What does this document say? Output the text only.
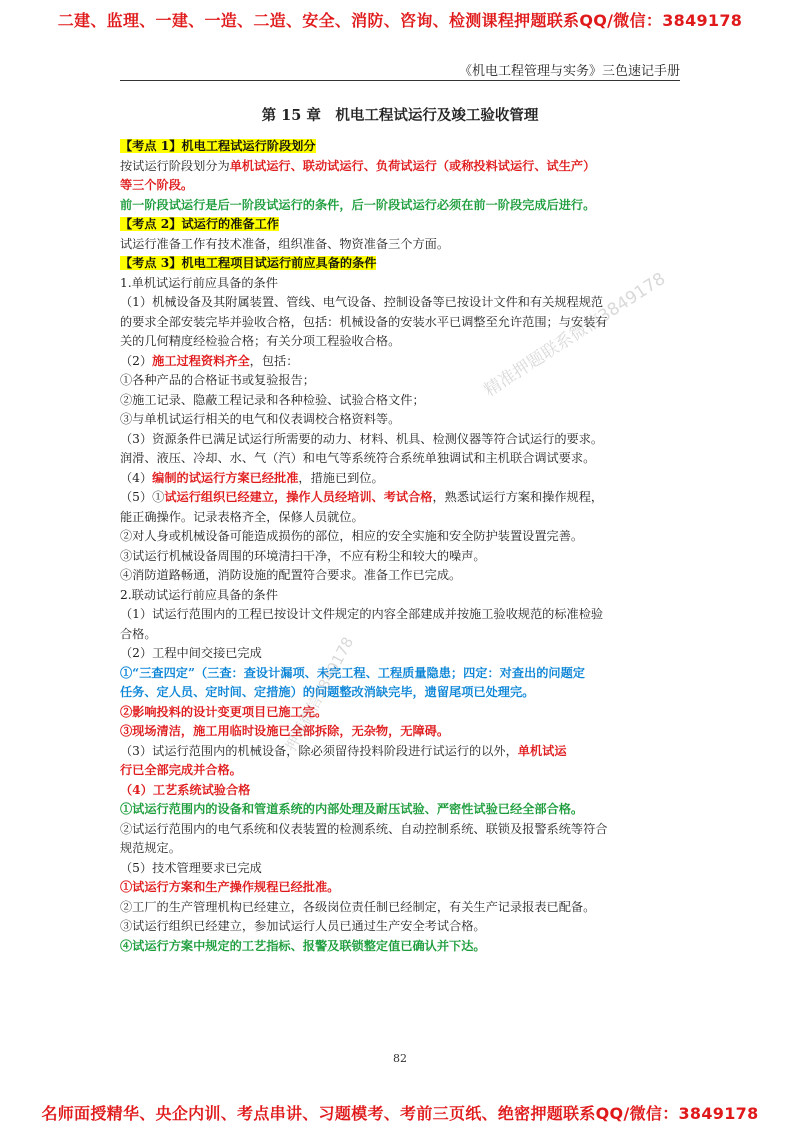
二建、监理、一建、一造、二造、安全、消防、咨询、检测课程押题联系QQ/微信：3849178
《机电工程管理与实务》三色速记手册
第 15 章　机电工程试运行及竣工验收管理
【考点 1】机电工程试运行阶段划分
按试运行阶段划分为单机试运行、联动试运行、负荷试运行（或称投料试运行、试生产）
等三个阶段。
前一阶段试运行是后一阶段试运行的条件，后一阶段试运行必须在前一阶段完成后进行。
【考点 2】试运行的准备工作
试运行准备工作有技术准备，组织准备、物资准备三个方面。
【考点 3】机电工程项目试运行前应具备的条件
1.单机试运行前应具备的条件
（1）机械设备及其附属装置、管线、电气设备、控制设备等已按设计文件和有关规程规范
的要求全部安装完毕并验收合格，包括：机械设备的安装水平已调整至允许范围；与安装有
关的几何精度经检验合格；有关分项工程验收合格。
（2）施工过程资料齐全，包括：
①各种产品的合格证书或复验报告；
②施工记录、隐蔽工程记录和各种检验、试验合格文件；
③与单机试运行相关的电气和仪表调校合格资料等。
（3）资源条件已满足试运行所需要的动力、材料、机具、检测仪器等符合试运行的要求。
润滑、液压、冷却、水、气（汽）和电气等系统符合系统单独调试和主机联合调试要求。
（4）编制的试运行方案已经批准，措施已到位。
（5）①试运行组织已经建立，操作人员经培训、考试合格，熟悉试运行方案和操作规程，
能正确操作。记录表格齐全，保修人员就位。
②对人身或机械设备可能造成损伤的部位，相应的安全实施和安全防护装置设置完善。
③试运行机械设备周围的环境清扫干净，不应有粉尘和较大的噪声。
④消防道路畅通，消防设施的配置符合要求。准备工作已完成。
2.联动试运行前应具备的条件
（1）试运行范围内的工程已按设计文件规定的内容全部建成并按施工验收规范的标准检验
合格。
（2）工程中间交接已完成
①“三查四定”（三查：查设计漏项、未完工程、工程质量隐患；四定：对查出的问题定
任务、定人员、定时间、定措施）的问题整改消缺完毕，遗留尾项已处理完。
②影响投料的设计变更项目已施工完。
③现场清洁，施工用临时设施已全部拆除，无杂物，无障碍。
（3）试运行范围内的机械设备，除必须留待投料阶段进行试运行的以外，单机试运
行已全部完成并合格。
（4）工艺系统试验合格
①试运行范围内的设备和管道系统的内部处理及耐压试验、严密性试验已经全部合格。
②试运行范围内的电气系统和仪表装置的检测系统、自动控制系统、联锁及报警系统等符合
规范规定。
（5）技术管理要求已完成
①试运行方案和生产操作规程已经批准。
②工厂的生产管理机构已经建立，各级岗位责任制已经制定，有关生产记录报表已配备。
③试运行组织已经建立，参加试运行人员已通过生产安全考试合格。
④试运行方案中规定的工艺指标、报警及联锁整定值已确认并下达。
精准押题联系微信3849178
押题微信3849178
82
名师面授精华、央企内训、考点串讲、习题模考、考前三页纸、绝密押题联系QQ/微信：3849178
